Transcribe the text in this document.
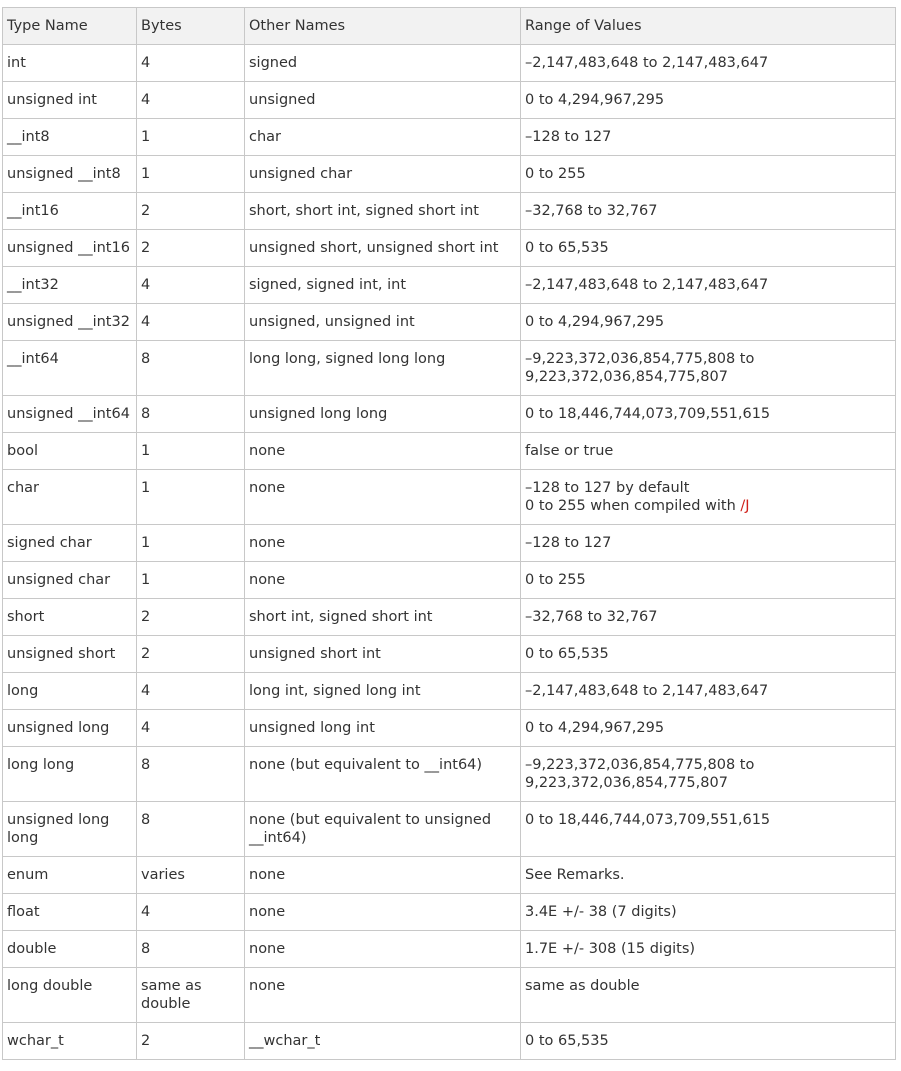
Type Name	Bytes	Other Names	Range of Values
int	4	signed	–2,147,483,648 to 2,147,483,647
unsigned int	4	unsigned	0 to 4,294,967,295
__int8	1	char	–128 to 127
unsigned __int8	1	unsigned char	0 to 255
__int16	2	short, short int, signed short int	–32,768 to 32,767
unsigned __int16	2	unsigned short, unsigned short int	0 to 65,535
__int32	4	signed, signed int, int	–2,147,483,648 to 2,147,483,647
unsigned __int32	4	unsigned, unsigned int	0 to 4,294,967,295
__int64	8	long long, signed long long	–9,223,372,036,854,775,808 to 9,223,372,036,854,775,807
unsigned __int64	8	unsigned long long	0 to 18,446,744,073,709,551,615
bool	1	none	false or true
char	1	none	–128 to 127 by default
0 to 255 when compiled with /J

signed char	1	none	–128 to 127
unsigned char	1	none	0 to 255
short	2	short int, signed short int	–32,768 to 32,767
unsigned short	2	unsigned short int	0 to 65,535
long	4	long int, signed long int	–2,147,483,648 to 2,147,483,647
unsigned long	4	unsigned long int	0 to 4,294,967,295
long long	8	none (but equivalent to __int64)	–9,223,372,036,854,775,808 to 9,223,372,036,854,775,807
unsigned long long	8	none (but equivalent to unsigned __int64)	0 to 18,446,744,073,709,551,615
enum	varies	none	See Remarks.
float	4	none	3.4E +/- 38 (7 digits)
double	8	none	1.7E +/- 308 (15 digits)
long double	same as double	none	same as double
wchar_t	2	__wchar_t	0 to 65,535
